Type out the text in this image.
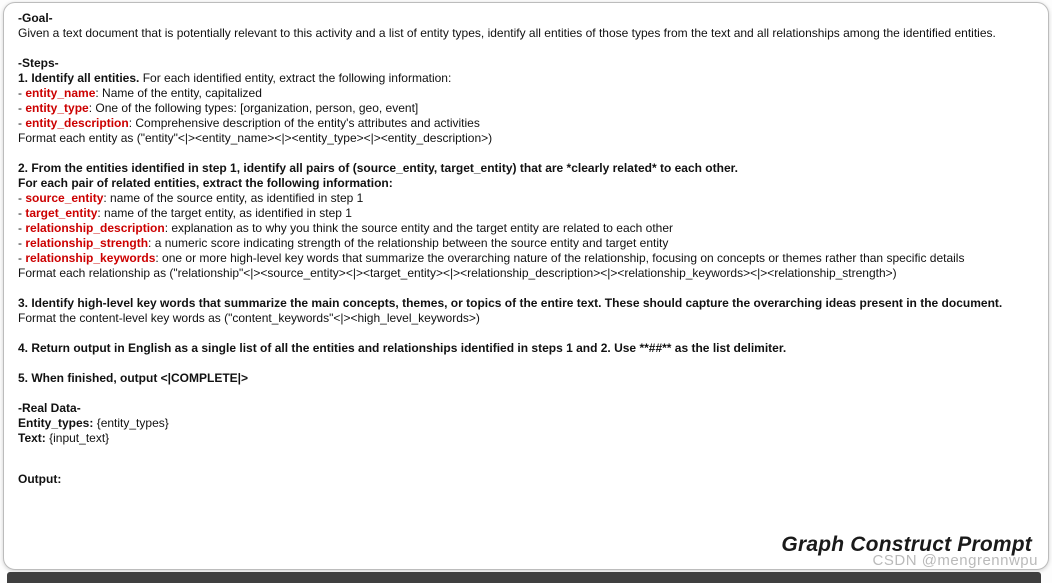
-Goal-
Given a text document that is potentially relevant to this activity and a list of entity types, identify all entities of those types from the text and all relationships among the identified entities.
-Steps-
1. Identify all entities. For each identified entity, extract the following information:
- entity_name: Name of the entity, capitalized
- entity_type: One of the following types: [organization, person, geo, event]
- entity_description: Comprehensive description of the entity's attributes and activities
Format each entity as ("entity"<|><entity_name><|><entity_type><|><entity_description>)
2. From the entities identified in step 1, identify all pairs of (source_entity, target_entity) that are *clearly related* to each other.
For each pair of related entities, extract the following information:
- source_entity: name of the source entity, as identified in step 1
- target_entity: name of the target entity, as identified in step 1
- relationship_description: explanation as to why you think the source entity and the target entity are related to each other
- relationship_strength: a numeric score indicating strength of the relationship between the source entity and target entity
- relationship_keywords: one or more high-level key words that summarize the overarching nature of the relationship, focusing on concepts or themes rather than specific details
Format each relationship as ("relationship"<|><source_entity><|><target_entity><|><relationship_description><|><relationship_keywords><|><relationship_strength>)
3. Identify high-level key words that summarize the main concepts, themes, or topics of the entire text. These should capture the overarching ideas present in the document.
Format the content-level key words as ("content_keywords"<|><high_level_keywords>)
4. Return output in English as a single list of all the entities and relationships identified in steps 1 and 2. Use **##** as the list delimiter.
5. When finished, output <|COMPLETE|>
-Real Data-
Entity_types: {entity_types}
Text: {input_text}
Output:
Graph Construct Prompt
CSDN @mengrennwpu
